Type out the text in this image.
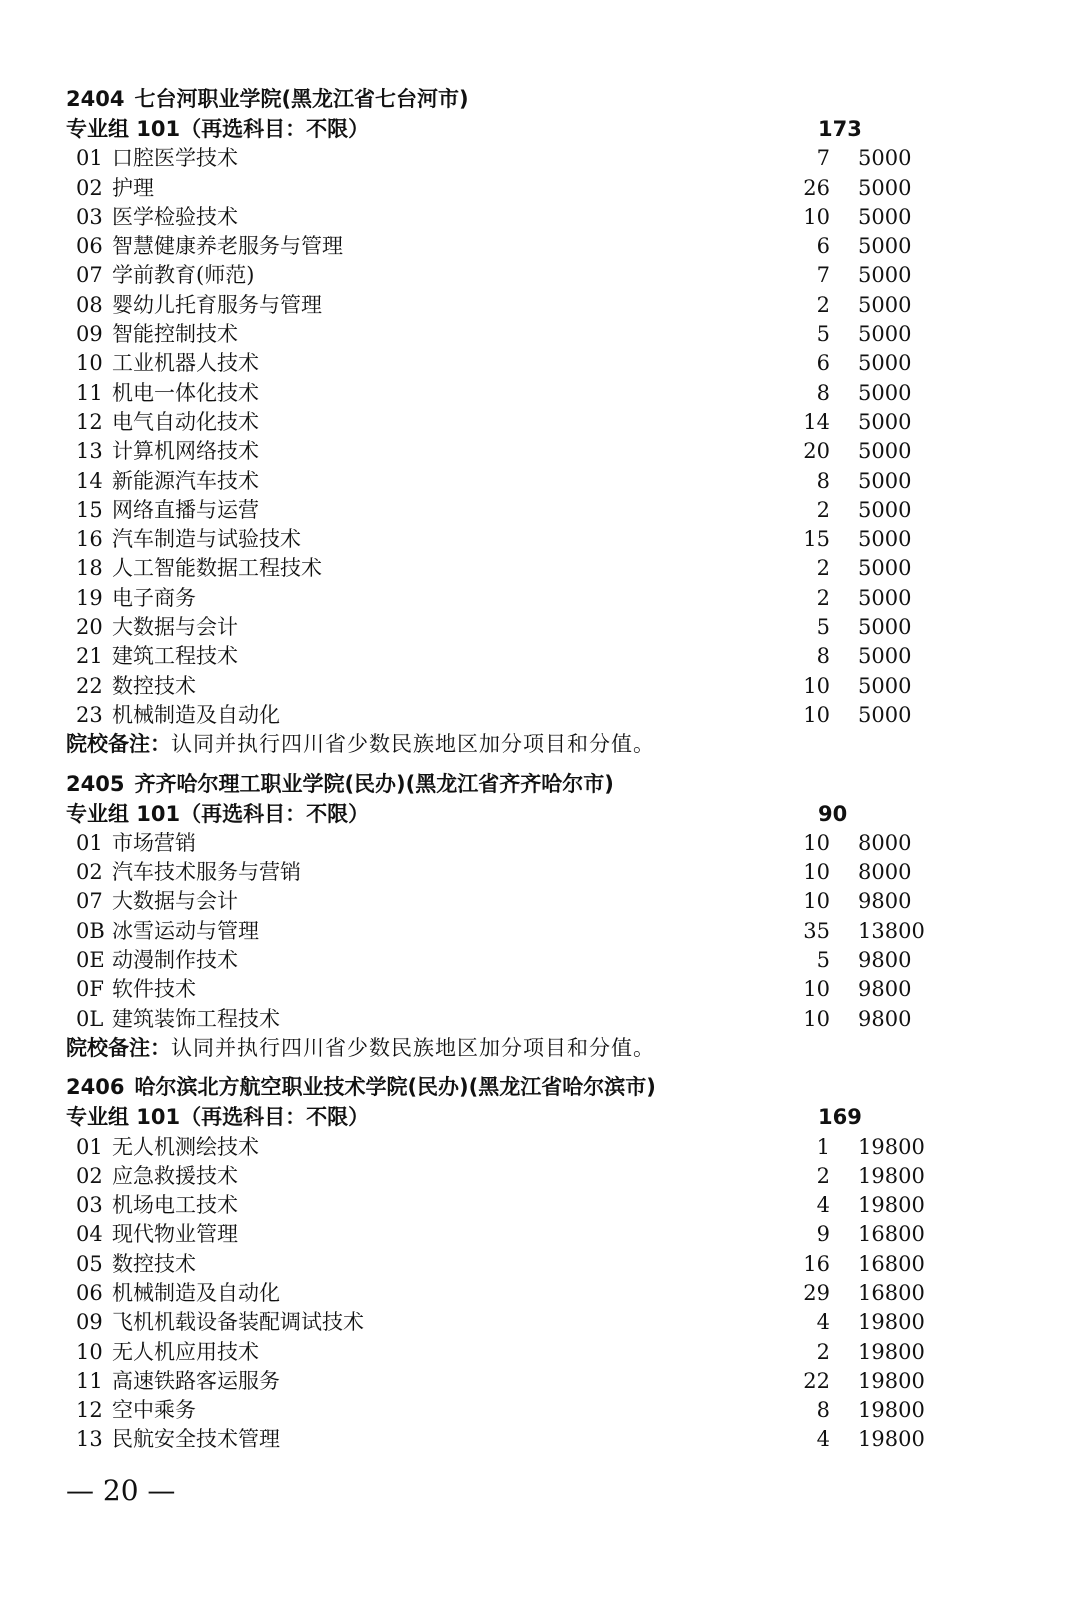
2404 七台河职业学院(黑龙江省七台河市)
专业组 101（再选科目：不限）	173
01 口腔医学技术	7 5000
02 护理	26 5000
03 医学检验技术	10 5000
06 智慧健康养老服务与管理	6 5000
07 学前教育(师范)	7 5000
08 婴幼儿托育服务与管理	2 5000
09 智能控制技术	5 5000
10 工业机器人技术	6 5000
11 机电一体化技术	8 5000
12 电气自动化技术	14 5000
13 计算机网络技术	20 5000
14 新能源汽车技术	8 5000
15 网络直播与运营	2 5000
16 汽车制造与试验技术	15 5000
18 人工智能数据工程技术	2 5000
19 电子商务	2 5000
20 大数据与会计	5 5000
21 建筑工程技术	8 5000
22 数控技术	10 5000
23 机械制造及自动化	10 5000
院校备注：认同并执行四川省少数民族地区加分项目和分值。
2405 齐齐哈尔理工职业学院(民办)(黑龙江省齐齐哈尔市)
专业组 101（再选科目：不限）	90
01 市场营销	10 8000
02 汽车技术服务与营销	10 8000
07 大数据与会计	10 9800
0B 冰雪运动与管理	35 13800
0E 动漫制作技术	5 9800
0F 软件技术	10 9800
0L 建筑装饰工程技术	10 9800
院校备注：认同并执行四川省少数民族地区加分项目和分值。
2406 哈尔滨北方航空职业技术学院(民办)(黑龙江省哈尔滨市)
专业组 101（再选科目：不限）	169
01 无人机测绘技术	1 19800
02 应急救援技术	2 19800
03 机场电工技术	4 19800
04 现代物业管理	9 16800
05 数控技术	16 16800
06 机械制造及自动化	29 16800
09 飞机机载设备装配调试技术	4 19800
10 无人机应用技术	2 19800
11 高速铁路客运服务	22 19800
12 空中乘务	8 19800
13 民航安全技术管理	4 19800
— 20 —
